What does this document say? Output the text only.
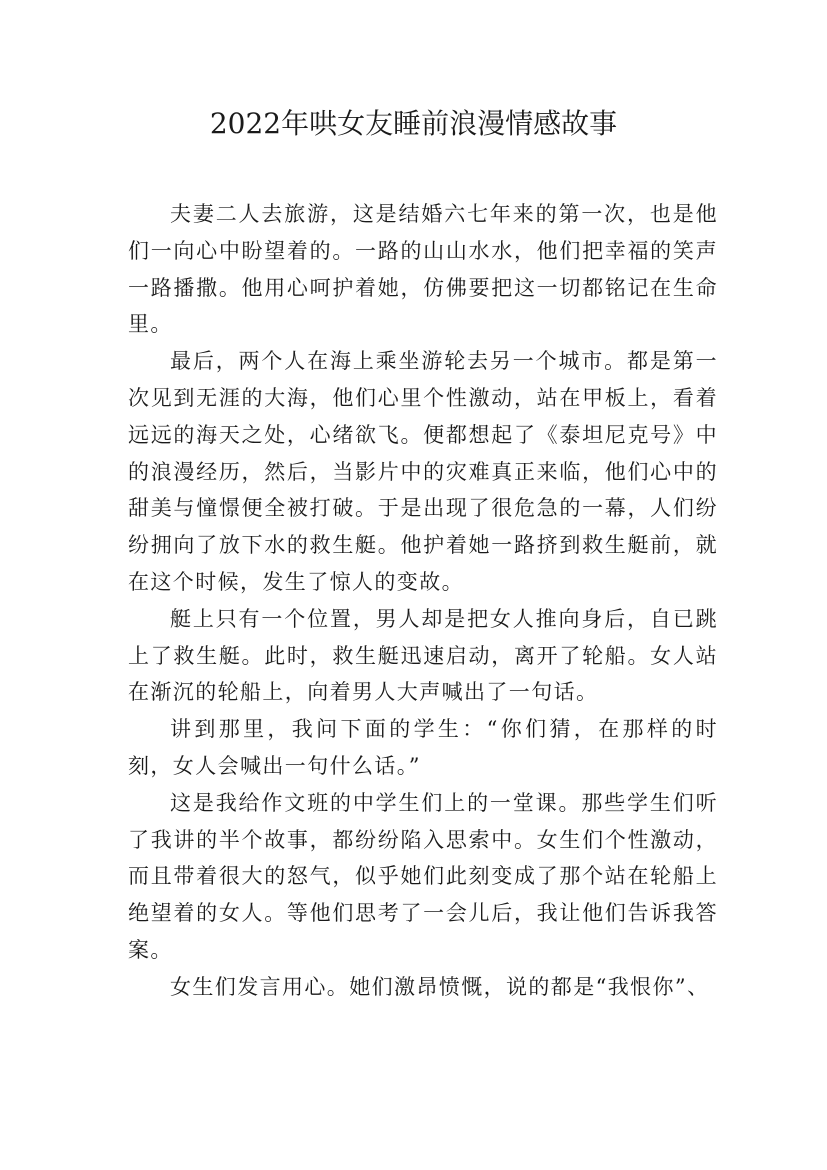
2022年哄女友睡前浪漫情感故事

夫妻二人去旅游，这是结婚六七年来的第一次，也是他们一向心中盼望着的。一路的山山水水，他们把幸福的笑声一路播撒。他用心呵护着她，仿佛要把这一切都铭记在生命里。

最后，两个人在海上乘坐游轮去另一个城市。都是第一次见到无涯的大海，他们心里个性激动，站在甲板上，看着远远的海天之处，心绪欲飞。便都想起了《泰坦尼克号》中的浪漫经历，然后，当影片中的灾难真正来临，他们心中的甜美与憧憬便全被打破。于是出现了很危急的一幕，人们纷纷拥向了放下水的救生艇。他护着她一路挤到救生艇前，就在这个时候，发生了惊人的变故。

艇上只有一个位置，男人却是把女人推向身后，自已跳上了救生艇。此时，救生艇迅速启动，离开了轮船。女人站在渐沉的轮船上，向着男人大声喊出了一句话。

讲到那里，我问下面的学生：“你们猜，在那样的时刻，女人会喊出一句什么话。”

这是我给作文班的中学生们上的一堂课。那些学生们听了我讲的半个故事，都纷纷陷入思索中。女生们个性激动，而且带着很大的怒气，似乎她们此刻变成了那个站在轮船上绝望着的女人。等他们思考了一会儿后，我让他们告诉我答案。

女生们发言用心。她们激昂愤慨，说的都是“我恨你”、
